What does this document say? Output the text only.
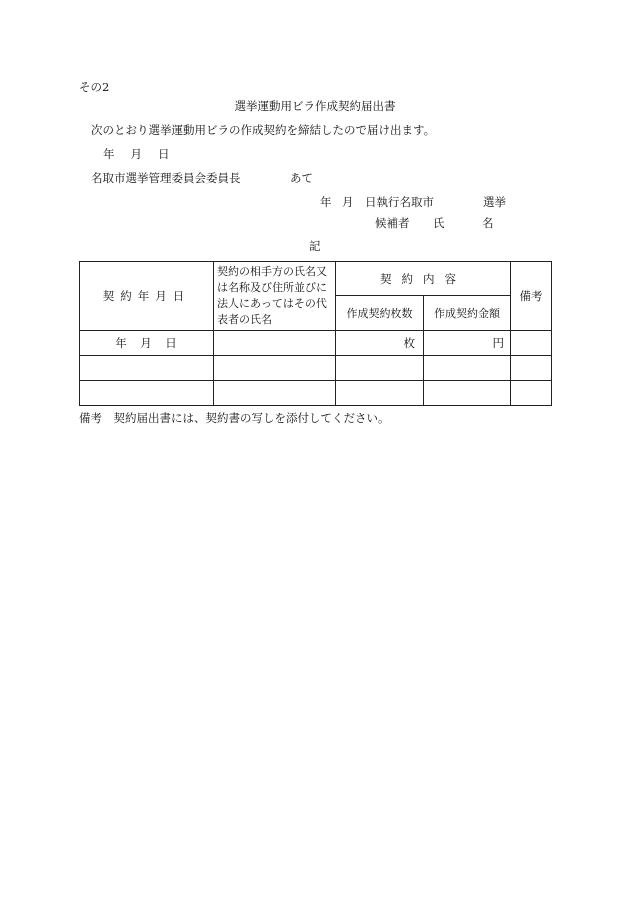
その2
選挙運動用ビラ作成契約届出書
次のとおり選挙運動用ビラの作成契約を締結したので届け出ます。
年 月 日
名取市選挙管理委員会委員長	あて
年 月 日執行名取市	選挙
候補者 氏	名
記
契約年月日	契約の相手方の氏名又は名称及び住所並びに法人にあってはその代表者の氏名	契約内容		備考
		作成契約枚数	作成契約金額	
年　月　日		枚	円	

備考　契約届出書には、契約書の写しを添付してください。
